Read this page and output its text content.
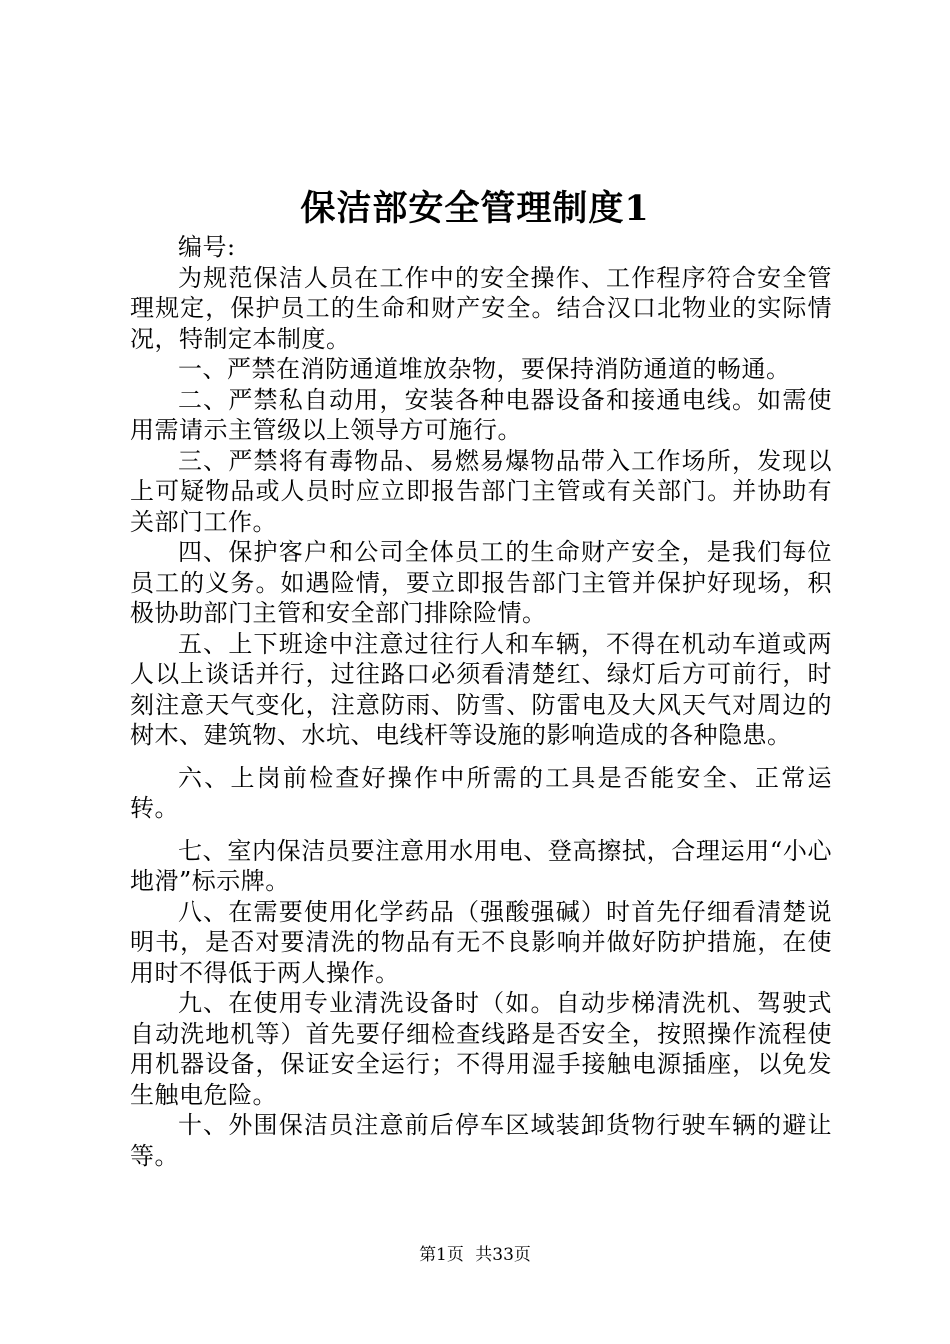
保洁部安全管理制度1

编号:

为规范保洁人员在工作中的安全操作、工作程序符合安全管理规定，保护员工的生命和财产安全。结合汉口北物业的实际情况，特制定本制度。

一、严禁在消防通道堆放杂物，要保持消防通道的畅通。

二、严禁私自动用，安装各种电器设备和接通电线。如需使用需请示主管级以上领导方可施行。

三、严禁将有毒物品、易燃易爆物品带入工作场所，发现以上可疑物品或人员时应立即报告部门主管或有关部门。并协助有关部门工作。

四、保护客户和公司全体员工的生命财产安全，是我们每位员工的义务。如遇险情，要立即报告部门主管并保护好现场，积极协助部门主管和安全部门排除险情。

五、上下班途中注意过往行人和车辆，不得在机动车道或两人以上谈话并行，过往路口必须看清楚红、绿灯后方可前行，时刻注意天气变化，注意防雨、防雪、防雷电及大风天气对周边的树木、建筑物、水坑、电线杆等设施的影响造成的各种隐患。

六、上岗前检查好操作中所需的工具是否能安全、正常运转。

七、室内保洁员要注意用水用电、登高擦拭，合理运用“小心地滑”标示牌。

八、在需要使用化学药品（强酸强碱）时首先仔细看清楚说明书，是否对要清洗的物品有无不良影响并做好防护措施，在使用时不得低于两人操作。

九、在使用专业清洗设备时（如。自动步梯清洗机、驾驶式自动洗地机等）首先要仔细检查线路是否安全，按照操作流程使用机器设备，保证安全运行；不得用湿手接触电源插座，以免发生触电危险。

十、外围保洁员注意前后停车区域装卸货物行驶车辆的避让等。

第1页 共33页
